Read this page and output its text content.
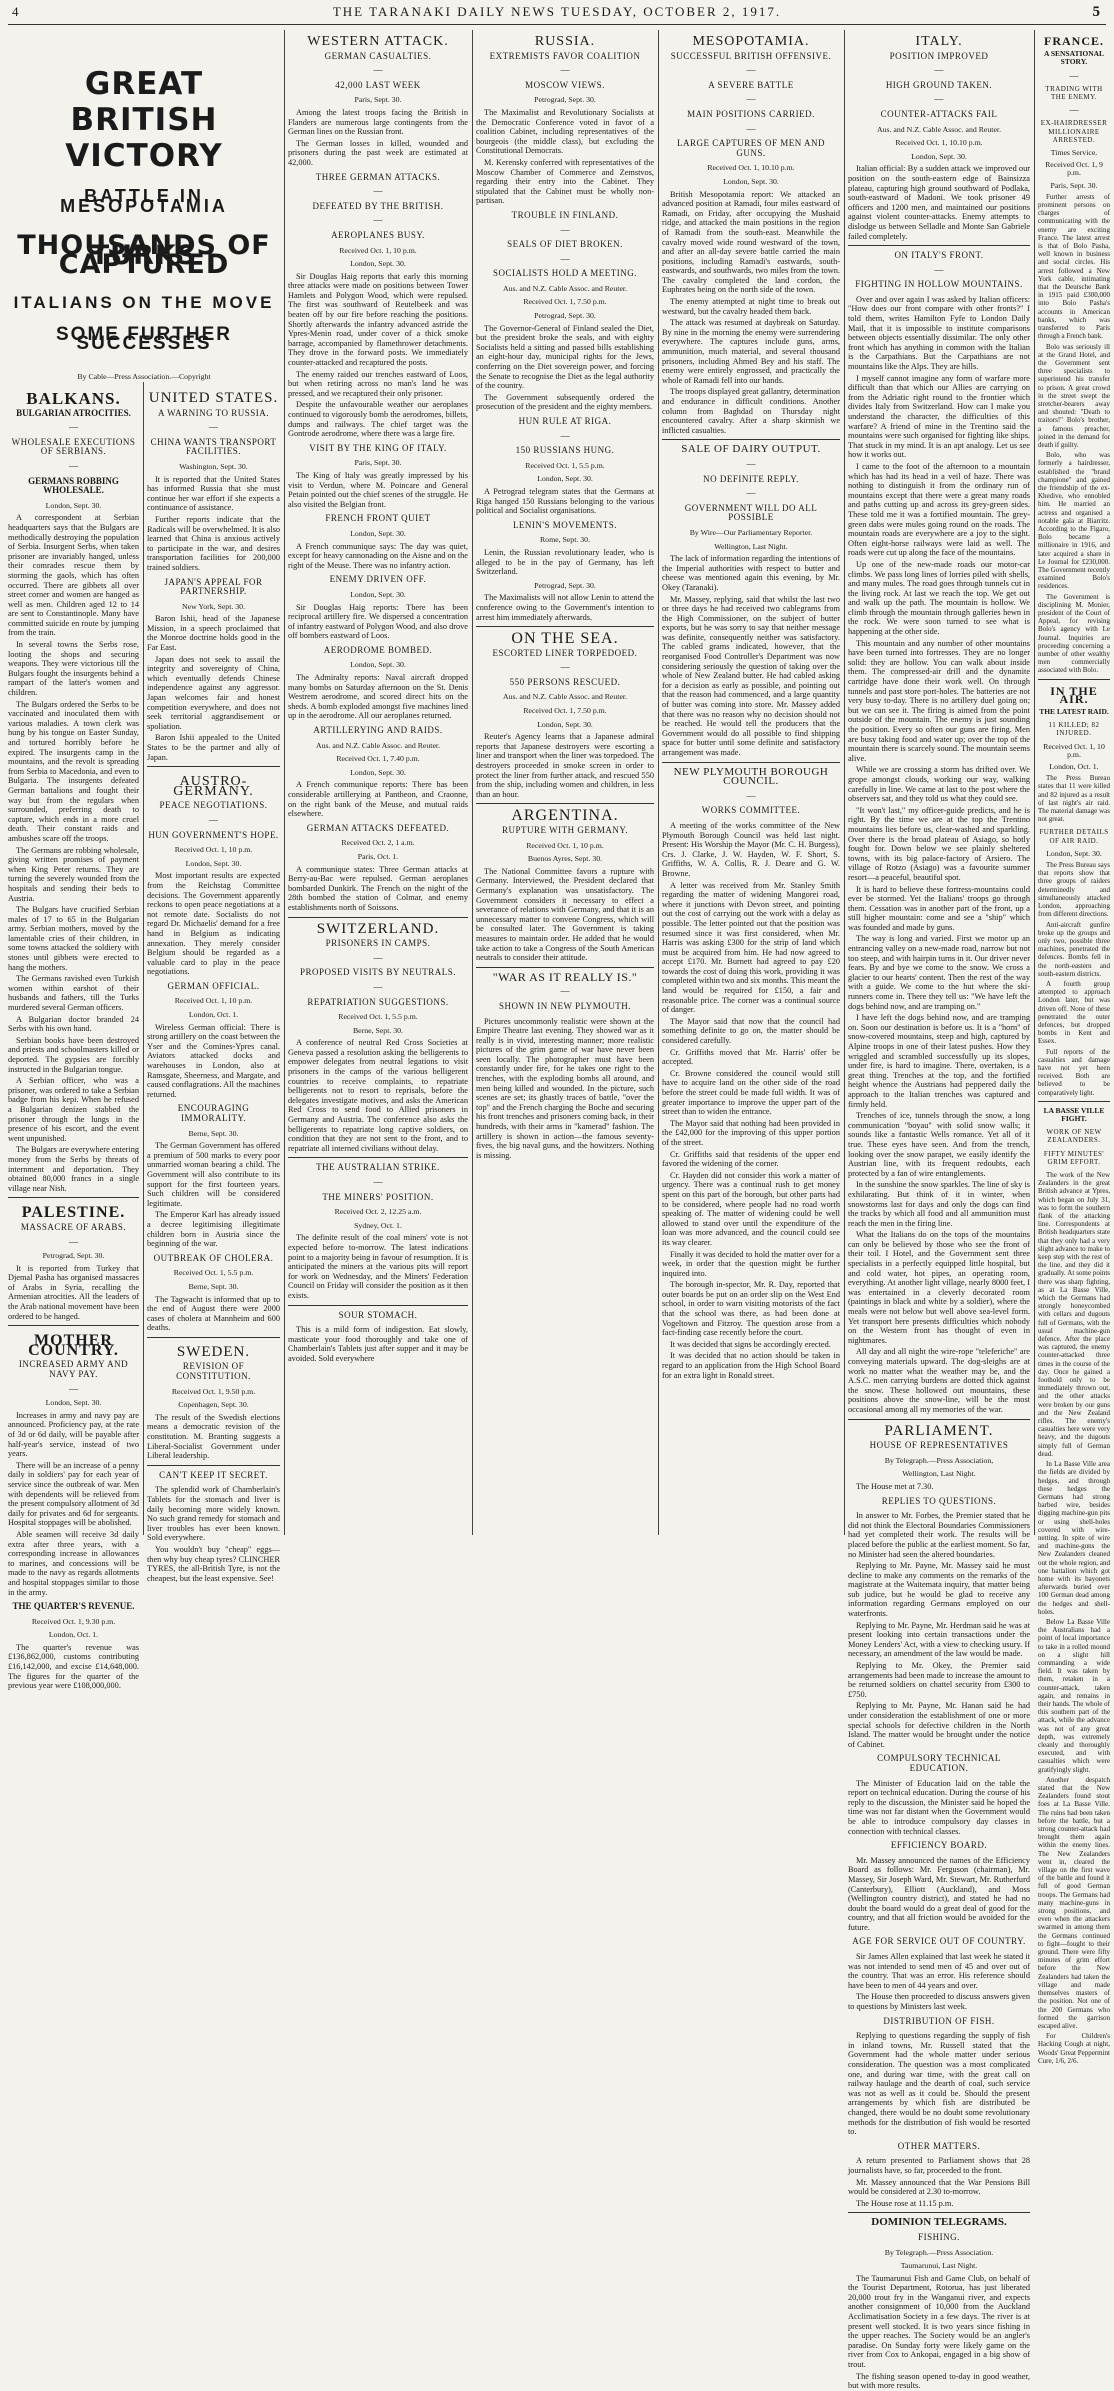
4	THE TARANAKI DAILY NEWS TUESDAY, OCTOBER 2, 1917.	5
GREAT BRITISH VICTORY
BATTLE IN MESOPOTAMIA
THOUSANDS OF TURKS CAPTURED
ITALIANS ON THE MOVE
SOME FURTHER SUCCESSES

By Cable—Press Association.—Copyright

BALKANS.
BULGARIAN ATROCITIES.
—
WHOLESALE EXECUTIONS OF SERBIANS.
—
GERMANS ROBBING WHOLESALE.

London, Sept. 30.

A correspondent at Serbian headquarters says that the Bulgars are methodically destroying the population of Serbia. Insurgent Serbs, when taken prisoner are invariably hanged, unless their comrades rescue them by storming the gaols, which has often occurred. There are gibbets all over street corner and women are hanged as well as men. Children aged 12 to 14 are sent to Constantinople. Many have committed suicide en route by jumping from the train.

In several towns the Serbs rose, looting the shops and securing weapons. They were victorious till the Bulgars fought the insurgents behind a rampart of the latter's women and children.

The Bulgars ordered the Serbs to be vaccinated and inoculated them with various maladies. A town clerk was hung by his tongue on Easter Sunday, and tortured horribly before he expired. The insurgents camp in the mountains, and the revolt is spreading from Serbia to Macedonia, and even to Bulgaria. The insurgents defeated German battalions and fought their way but from the regulars when surrounded, preferring death to capture, which ends in a more cruel death. Their constant raids and ambushes scare off the troops.

The Germans are robbing wholesale, giving written promises of payment when King Peter returns. They are turning the severely wounded from the hospitals and sending their beds to Austria.

The Bulgars have crucified Serbian males of 17 to 65 in the Bulgarian army. Serbian mothers, moved by the lamentable cries of their children, in some towns attacked the soldiery with stones until gibbets were erected to hang the mothers.

The Germans ravished even Turkish women within earshot of their husbands and fathers, till the Turks murdered several German officers.

A Bulgarian doctor branded 24 Serbs with his own hand.

Serbian books have been destroyed and priests and schoolmasters killed or deported. The gypsies are forcibly instructed in the Bulgarian tongue.

A Serbian officer, who was a prisoner, was ordered to take a Serbian badge from his kepi. When he refused a Bulgarian denizen stabbed the prisoner through the lungs in the presence of his escort, and the event went unpunished.

The Bulgars are everywhere entering money from the Serbs by threats of internment and deportation. They obtained 80,000 francs in a single village near Nish.

PALESTINE.
MASSACRE OF ARABS.
—

Petrograd, Sept. 30.

It is reported from Turkey that Djemal Pasha has organised massacres of Arabs in Syria, recalling the Armenian atrocities. All the leaders of the Arab national movement have been ordered to be hanged.

MOTHER COUNTRY.
INCREASED ARMY AND NAVY PAY.
—

London, Sept. 30.

Increases in army and navy pay are announced. Proficiency pay, at the rate of 3d or 6d daily, will be payable after half-year's service, instead of two years.

There will be an increase of a penny daily in soldiers' pay for each year of service since the outbreak of war. Men with dependents will be relieved from the present compulsory allotment of 3d daily for privates and 6d for sergeants. Hospital stoppages will be abolished.

Able seamen will receive 3d daily extra after three years, with a corresponding increase in allowances to marines, and concessions will be made to the navy as regards allotments and hospital stoppages similar to those in the army.

THE QUARTER'S REVENUE.

Received Oct. 1, 9.30 p.m.

London, Oct. 1.

The quarter's revenue was £136,862,000, customs contributing £16,142,000, and excise £14,648,000. The figures for the quarter of the previous year were £108,000,000.

UNITED STATES.
A WARNING TO RUSSIA.
—
CHINA WANTS TRANSPORT FACILITIES.

Washington, Sept. 30.

It is reported that the United States has informed Russia that she must continue her war effort if she expects a continuance of assistance.

Further reports indicate that the Radicals will be overwhelmed. It is also learned that China is anxious actively to participate in the war, and desires transportation facilities for 200,000 trained soldiers.

JAPAN'S APPEAL FOR PARTNERSHIP.

New York, Sept. 30.

Baron Ishii, head of the Japanese Mission, in a speech proclaimed that the Monroe doctrine holds good in the Far East.

Japan does not seek to assail the integrity and sovereignty of China, which eventually defends Chinese independence against any aggressor. Japan welcomes fair and honest competition everywhere, and does not seek territorial aggrandisement or spoliation.

Baron Ishii appealed to the United States to be the partner and ally of Japan.

AUSTRO-GERMANY.
PEACE NEGOTIATIONS.
—
HUN GOVERNMENT'S HOPE.

Received Oct. 1, 10 p.m.

London, Sept. 30.

Most important results are expected from the Reichstag Committee decisions. The Government apparently reckons to open peace negotiations at a not remote date. Socialists do not regard Dr. Michaelis' demand for a free hand in Belgium as indicating annexation. They merely consider Belgium should be regarded as a valuable card to play in the peace negotiations.

GERMAN OFFICIAL.

Received Oct. 1, 10 p.m.

London, Oct. 1.

Wireless German official: There is strong artillery on the coast between the Yser and the Comines-Ypres canal. Aviators attacked docks and warehouses in London, also at Ramsgate, Sheerness, and Margate, and caused conflagrations. All the machines returned.

ENCOURAGING IMMORALITY.

Berne, Sept. 30.

The German Government has offered a premium of 500 marks to every poor unmarried woman bearing a child. The Government will also contribute to its support for the first fourteen years. Such children will be considered legitimate.

The Emperor Karl has already issued a decree legitimising illegitimate children born in Austria since the beginning of the war.

OUTBREAK OF CHOLERA.

Received Oct. 1, 5.5 p.m.

Berne, Sept. 30.

The Tagwacht is informed that up to the end of August there were 2000 cases of cholera at Mannheim and 600 deaths.

SWEDEN.
REVISION OF CONSTITUTION.

Received Oct. 1, 9.50 p.m.

Copenhagen, Sept. 30.

The result of the Swedish elections means a democratic revision of the constitution. M. Branting suggests a Liberal-Socialist Government under Liberal leadership.

CAN'T KEEP IT SECRET.

The splendid work of Chamberlain's Tablets for the stomach and liver is daily becoming more widely known. No such grand remedy for stomach and liver troubles has ever been known. Sold everywhere.

You wouldn't buy "cheap" eggs—then why buy cheap tyres? CLINCHER TYRES, the all-British Tyre, is not the cheapest, but the least expensive. See!

WESTERN ATTACK.
GERMAN CASUALTIES.
—
42,000 LAST WEEK

Paris, Sept. 30.

Among the latest troops facing the British in Flanders are numerous large contingents from the German lines on the Russian front.

The German losses in killed, wounded and prisoners during the past week are estimated at 42,000.

THREE GERMAN ATTACKS.
—
DEFEATED BY THE BRITISH.
—
AEROPLANES BUSY.

Received Oct. 1, 10 p.m.

London, Sept. 30.

Sir Douglas Haig reports that early this morning three attacks were made on positions between Tower Hamlets and Polygon Wood, which were repulsed. The first was southward of Reutelbeek and was beaten off by our fire before reaching the positions. Shortly afterwards the infantry advanced astride the Ypres-Menin road, under cover of a thick smoke barrage, accompanied by flamethrower detachments. They drove in the forward posts. We immediately counter-attacked and recaptured the posts.

The enemy raided our trenches eastward of Loos, but when retiring across no man's land he was pressed, and we recaptured their only prisoner.

Despite the unfavourable weather our aeroplanes continued to vigorously bomb the aerodromes, billets, dumps and railways. The chief target was the Gontrode aerodrome, where there was a large fire.

VISIT BY THE KING OF ITALY.

Paris, Sept. 30.

The King of Italy was greatly impressed by his visit to Verdun, where M. Poincare and General Petain pointed out the chief scenes of the struggle. He also visited the Belgian front.

FRENCH FRONT QUIET

London, Sept. 30.

A French communique says: The day was quiet, except for heavy cannonading on the Aisne and on the right of the Meuse. There was no infantry action.

ENEMY DRIVEN OFF.

London, Sept. 30.

Sir Douglas Haig reports: There has been reciprocal artillery fire. We dispersed a concentration of infantry eastward of Polygon Wood, and also drove off bombers eastward of Loos.

AERODROME BOMBED.

London, Sept. 30.

The Admiralty reports: Naval aircraft dropped many bombs on Saturday afternoon on the St. Denis Westrem aerodrome, and scored direct hits on the sheds. A bomb exploded amongst five machines lined up in the aerodrome. All our aeroplanes returned.

ARTILLERYING AND RAIDS.

Aus. and N.Z. Cable Assoc. and Reuter.

Received Oct. 1, 7.40 p.m.

London, Sept. 30.

A French communique reports: There has been considerable artillerying at Pantheon, and Craonne, on the right bank of the Meuse, and mutual raids elsewhere.

GERMAN ATTACKS DEFEATED.

Received Oct. 2, 1 a.m.

Paris, Oct. 1.

A communique states: Three German attacks at Berry-au-Bac were repulsed. German aeroplanes bombarded Dunkirk. The French on the night of the 28th bombed the station of Colmar, and enemy establishments north of Soissons.

SWITZERLAND.
PRISONERS IN CAMPS.
—
PROPOSED VISITS BY NEUTRALS.
—
REPATRIATION SUGGESTIONS.

Received Oct. 1, 5.5 p.m.

Berne, Sept. 30.

A conference of neutral Red Cross Societies at Geneva passed a resolution asking the belligerents to empower delegates from neutral legations to visit prisoners in the camps of the various belligerent countries to receive complaints, to repatriate belligerents not to resort to reprisals, before the delegates investigate motives, and asks the American Red Cross to send food to Allied prisoners in Germany and Austria. The conference also asks the belligerents to repatriate long captive soldiers, on condition that they are not sent to the front, and to repatriate all interned civilians without delay.

THE AUSTRALIAN STRIKE.
—
THE MINERS' POSITION.

Received Oct. 2, 12.25 a.m.

Sydney, Oct. 1.

The definite result of the coal miners' vote is not expected before to-morrow. The latest indications point to a majority being in favour of resumption. It is anticipated the miners at the various pits will report for work on Wednesday, and the Miners' Federation Council on Friday will consider the position as it then exists.

SOUR STOMACH.

This is a mild form of indigestion. Eat slowly, masticate your food thoroughly and take one of Chamberlain's Tablets just after supper and it may be avoided. Sold everywhere

RUSSIA.
EXTREMISTS FAVOR COALITION
—
MOSCOW VIEWS.

Petrograd, Sept. 30.

The Maximalist and Revolutionary Socialists at the Democratic Conference voted in favor of a coalition Cabinet, including representatives of the bourgeois (the middle class), but excluding the Constitutional Democrats.

M. Kerensky conferred with representatives of the Moscow Chamber of Commerce and Zemstvos, regarding their entry into the Cabinet. They stipulated that the Cabinet must be wholly non-partisan.

TROUBLE IN FINLAND.
—
SEALS OF DIET BROKEN.
—
SOCIALISTS HOLD A MEETING.

Aus. and N.Z. Cable Assoc. and Reuter.

Received Oct. 1, 7.50 p.m.

Petrograd, Sept. 30.

The Governor-General of Finland sealed the Diet, but the president broke the seals, and with eighty Socialists held a sitting and passed bills establishing an eight-hour day, municipal rights for the Jews, conferring on the Diet sovereign power, and forcing the Senate to recognise the Diet as the legal authority of the country.

The Government subsequently ordered the prosecution of the president and the eighty members.

HUN RULE AT RIGA.
—
150 RUSSIANS HUNG.

Received Oct. 1, 5.5 p.m.

London, Sept. 30.

A Petrograd telegram states that the Germans at Riga hanged 150 Russians belonging to the various political and Socialist organisations.

LENIN'S MOVEMENTS.

Rome, Sept. 30.

Lenin, the Russian revolutionary leader, who is alleged to be in the pay of Germany, has left Switzerland.

Petrograd, Sept. 30.

The Maximalists will not allow Lenin to attend the conference owing to the Government's intention to arrest him immediately afterwards.

ON THE SEA.
ESCORTED LINER TORPEDOED.
—
550 PERSONS RESCUED.

Aus. and N.Z. Cable Assoc. and Reuter.

Received Oct. 1, 7.50 p.m.

London, Sept. 30.

Reuter's Agency learns that a Japanese admiral reports that Japanese destroyers were escorting a liner and transport when the liner was torpedoed. The destroyers proceeded in smoke screen in order to protect the liner from further attack, and rescued 550 from the ship, including women and children, in less than an hour.

ARGENTINA.
RUPTURE WITH GERMANY.

Received Oct. 1, 10 p.m.

Buenos Ayres, Sept. 30.

The National Committee favors a rupture with Germany. Interviewed, the President declared that Germany's explanation was unsatisfactory. The Government considers it necessary to effect a severance of relations with Germany, and that it is an unnecessary matter to convene Congress, which will be consulted later. The Government is taking measures to maintain order. He added that he would take action to take a Congress of the South American neutrals to consider their attitude.

"WAR AS IT REALLY IS."
—
SHOWN IN NEW PLYMOUTH.

Pictures uncommonly realistic were shown at the Empire Theatre last evening. They showed war as it really is in vivid, interesting manner; more realistic pictures of the grim game of war have never been seen locally. The photographer must have been constantly under fire, for he takes one right to the trenches, with the exploding bombs all around, and men being killed and wounded. In the picture, such scenes are set; its ghastly traces of battle, "over the top" and the French charging the Boche and securing his front trenches and prisoners coming back, in their hundreds, with their arms in "kamerad" fashion. The artillery is shown in action—the famous seventy-fives, the big naval guns, and the howitzers. Nothing is missing.

MESOPOTAMIA.
SUCCESSFUL BRITISH OFFENSIVE.
—
A SEVERE BATTLE
—
MAIN POSITIONS CARRIED.
—
LARGE CAPTURES OF MEN AND GUNS.

Received Oct. 1, 10.10 p.m.

London, Sept. 30.

British Mesopotamia report: We attacked an advanced position at Ramadi, four miles eastward of Ramadi, on Friday, after occupying the Mushaid ridge, and attacked the main positions in the region of Ramadi from the south-east. Meanwhile the cavalry moved wide round westward of the town, and after an all-day severe battle carried the main positions, including Ramadi's eastwards, south-eastwards, and southwards, two miles from the town. The cavalry completed the land cordon, the Euphrates being on the north side of the town.

The enemy attempted at night time to break out westward, but the cavalry headed them back.

The attack was resumed at daybreak on Saturday. By nine in the morning the enemy were surrendering everywhere. The captures include guns, arms, ammunition, much material, and several thousand prisoners, including Ahmed Bey and his staff. The enemy were entirely engrossed, and practically the whole of Ramadi fell into our hands.

The troops displayed great gallantry, determination and endurance in difficult conditions. Another column from Baghdad on Thursday night encountered cavalry. After a sharp skirmish we inflicted casualties.

SALE OF DAIRY OUTPUT.
—
NO DEFINITE REPLY.
—
GOVERNMENT WILL DO ALL POSSIBLE

By Wire—Our Parliamentary Reporter.

Wellington, Last Night.

The lack of information regarding the intentions of the Imperial authorities with respect to butter and cheese was mentioned again this evening, by Mr. Okey (Taranaki).

Mr. Massey, replying, said that whilst the last two or three days he had received two cablegrams from the High Commissioner, on the subject of butter exports, but he was sorry to say that neither message was definite, consequently neither was satisfactory. The cabled grams indicated, however, that the reorganised Food Controller's Department was now considering seriously the question of taking over the whole of New Zealand butter. He had cabled asking for a decision as early as possible, and pointing out that the reason had commenced, and a large quantity of butter was coming into store. Mr. Massey added that there was no reason why no decision should not be reached. He would tell the producers that the Government would do all possible to find shipping space for butter until some definite and satisfactory arrangement was made.

NEW PLYMOUTH BOROUGH COUNCIL.
—
WORKS COMMITTEE.

A meeting of the works committee of the New Plymouth Borough Council was held last night. Present: His Worship the Mayor (Mr. C. H. Burgess), Crs. J. Clarke, J. W. Hayden, W. F. Short, S. Griffiths, W. A. Collis, R. J. Deare and G. W. Browne.

A letter was received from Mr. Stanley Smith regarding the matter of widening Mangorei road, where it junctions with Devon street, and pointing out the cost of carrying out the work with a delay as possible. The letter pointed out that the position was resumed since it was first considered, when Mr. Harris was asking £300 for the strip of land which must be acquired from him. He had now agreed to accept £170. Mr. Burnett had agreed to pay £20 towards the cost of doing this work, providing it was completed within two and six months. This meant the land would be required for £150, a fair and reasonable price. The corner was a continual source of danger.

The Mayor said that now that the council had something definite to go on, the matter should be considered carefully.

Cr. Griffiths moved that Mr. Harris' offer be accepted.

Cr. Browne considered the council would still have to acquire land on the other side of the road before the street could be made full width. It was of greater importance to improve the upper part of the street than to widen the entrance.

The Mayor said that nothing had been provided in the £42,000 for the improving of this upper portion of the street.

Cr. Griffiths said that residents of the upper end favored the widening of the corner.

Cr. Hayden did not consider this work a matter of urgency. There was a continual rush to get money spent on this part of the borough, but other parts had to be considered, where people had no road worth speaking of. The matter of widening could be well allowed to stand over until the expenditure of the loan was more advanced, and the council could see its way clearer.

Finally it was decided to hold the matter over for a week, in order that the question might be further inquired into.

The borough in-spector, Mr. R. Day, reported that outer boards be put on an order slip on the West End school, in order to warn visiting motorists of the fact that the school was there, as had been done at Vogeltown and Fitzroy. The question arose from a fact-finding case recently before the court.

It was decided that signs be accordingly erected.

It was decided that no action should be taken in regard to an application from the High School Board for an extra light in Ronald street.

ITALY.
POSITION IMPROVED
—
HIGH GROUND TAKEN.
—
COUNTER-ATTACKS FAIL

Aus. and N.Z. Cable Assoc. and Reuter.

Received Oct. 1, 10.10 p.m.

London, Sept. 30.

Italian official: By a sudden attack we improved our position on the south-eastern edge of Bainsizza plateau, capturing high ground southward of Podlaka, south-eastward of Madoni. We took prisoner 49 officers and 1200 men, and maintained our positions against violent counter-attacks. Enemy attempts to dislodge us between Selladle and Monte San Gabriele failed completely.

ON ITALY'S FRONT.
—
FIGHTING IN HOLLOW MOUNTAINS.

Over and over again I was asked by Italian officers: "How does our front compare with other fronts?" I told them, writes Hamilton Fyfe to London Daily Mail, that it is impossible to institute comparisons between objects essentially dissimilar. The only other front which has anything in common with the Italian is the Carpathians. But the Carpathians are not mountains like the Alps. They are hills.

I myself cannot imagine any form of warfare more difficult than that which our Allies are carrying on from the Adriatic right round to the frontier which divides Italy from Switzerland. How can I make you understand the character, the difficulties of this warfare? A friend of mine in the Trentino said the mountains were such organised for fighting like ships. That stuck in my mind. It is an apt analogy. Let us see how it works out.

I came to the foot of the afternoon to a mountain which has had its head in a veil of haze. There was nothing to distinguish it from the ordinary run of mountains except that there were a great many roads and paths cutting up and across its grey-green sides. These told me it was a fortified mountain. The grey-green dabs were mules going round on the roads. The mountain roads are everywhere are a joy to the sight. Often eight-horse railways were laid as well. The roads were cut up along the face of the mountains.

Up one of the new-made roads our motor-car climbs. We pass long lines of lorries piled with shells, and many mules. The road goes through tunnels cut in the living rock. At last we reach the top. We get out and walk up the path. The mountain is hollow. We climb through the mountain through galleries hewn in the rock. We were soon turned to see what is happening at the other side.

This mountain and any number of other mountains have been turned into fortresses. They are no longer solid: they are hollow. You can walk about inside them. The compressed-air drill and the dynamite cartridge have done their work well. On through tunnels and past store port-holes. The batteries are not very busy to-day. There is no artillery duel going on; but we can see it. The firing is aimed from the point outside of the mountain. The enemy is just sounding the position. Every so often our guns are firing. Men are busy taking food and water up; over the top of the mountain there is scarcely sound. The mountain seems alive.

While we are crossing a storm has drifted over. We grope amongst clouds, working our way, walking carefully in line. We came at last to the post where the observers sat, and they told us what they could see.

"It won't last," my officer-guide predicts, and he is right. By the time we are at the top the Trentino mountains lies before us, clear-washed and sparkling. Over there is the broad plateau of Asiago, so hotly fought for. Down below we see plainly sheltered towns, with its big palace-factory of Arsiero. The village of Rotzo (Asiago) was a favourite summer resort—a peaceful, beautiful spot.

It is hard to believe these fortress-mountains could ever be stormed. Yet the Italians' troops go through them. Cessation was in another part of the front, up a still higher mountain: come and see a "ship" which was founded and made by guns.

The way is long and varied. First we motor up an entrancing valley on a new-made road, narrow but not too steep, and with hairpin turns in it. Our driver never fears. By and bye we come to the snow. We cross a glacier to our hearts' content. Then the rest of the way with a guide. We come to the hut where the ski-runners come in. There they tell us: "We have left the dogs behind now, and are tramping on."

I have left the dogs behind now, and are tramping on. Soon our destination is before us. It is a "horn" of snow-covered mountains, steep and high, captured by Alpine troops in one of their latest pushes. How they wriggled and scrambled successfully up its slopes, under fire, is hard to imagine. There, overtaken, is a great thing. Trenches at the top, and the fortified height whence the Austrians had peppered daily the approach to the Italian trenches was captured and firmly held.

Trenches of ice, tunnels through the snow, a long communication "boyau" with solid snow walls; it sounds like a fantastic Wells romance. Yet all of it true. These eyes have seen. And from the trench, looking over the snow parapet, we easily identify the Austrian line, with its frequent redoubts, each protected by a fan of wire entanglements.

In the sunshine the snow sparkles. The line of sky is exhilarating. But think of it in winter, when snowstorms last for days and only the dogs can find the tracks by which all food and all ammunition must reach the men in the firing line.

What the Italians do on the tops of the mountains can only be believed by those who see the front of their toil. I Hotel, and the Government sent three specialists in a perfectly equipped little hospital, but and cold water, hot pipes, an operating room, everything. At another light village, nearly 8000 feet, I was entertained in a cleverly decorated room (paintings in black and white by a soldier), where the meals were not below but well above sea-level form. Yet transport here presents difficulties which nobody on the Western front has thought of even in nightmares.

All day and all night the wire-rope "teleferiche" are conveying materials upward. The dog-sleighs are at work no matter what the weather may be, and the A.S.C. men carrying burdens are dotted thick against the snow. These hollowed out mountains, these positions above the snow-line, will be the most occasional among all my memories of the war.

PARLIAMENT.
HOUSE OF REPRESENTATIVES

By Telegraph.—Press Association,

Wellington, Last Night.

The House met at 7.30.

REPLIES TO QUESTIONS.

In answer to Mr. Forbes, the Premier stated that he did not think the Electoral Boundaries Commissioners had yet completed their work. The results will be placed before the public at the earliest moment. So far, no Minister had seen the altered boundaries.

Replying to Mr. Payne, Mr. Massey said he must decline to make any comments on the remarks of the magistrate at the Waitemata inquiry, that matter being sub judice, but he would be glad to receive any information regarding Germans employed on our waterfronts.

Replying to Mr. Payne, Mr. Herdman said he was at present looking into certain transactions under the Money Lenders' Act, with a view to checking usury. If necessary, an amendment of the law would be made.

Replying to Mr. Okey, the Premier said arrangements had been made to increase the amount to be returned soldiers on chattel security from £300 to £750.

Replying to Mr. Payne, Mr. Hanan said he had under consideration the establishment of one or more special schools for defective children in the North Island. The matter would be brought under the notice of Cabinet.

COMPULSORY TECHNICAL EDUCATION.

The Minister of Education laid on the table the report on technical education. During the course of his reply to the discussion, the Minister said he hoped the time was not far distant when the Government would be able to introduce compulsory day classes in connection with technical classes.

EFFICIENCY BOARD.

Mr. Massey announced the names of the Efficiency Board as follows: Mr. Ferguson (chairman), Mr. Massey, Sir Joseph Ward, Mr. Stewart, Mr. Rutherfurd (Canterbury), Elliott (Auckland), and Moss (Wellington country district), and stated he had no doubt the board would do a great deal of good for the country, and that all friction would be avoided for the future.

AGE FOR SERVICE OUT OF COUNTRY.

Sir James Allen explained that last week he stated it was not intended to send men of 45 and over out of the country. That was an error. His reference should have been to men of 44 years and over.

The House then proceeded to discuss answers given to questions by Ministers last week.

DISTRIBUTION OF FISH.

Replying to questions regarding the supply of fish in inland towns, Mr. Russell stated that the Government had the whole matter under serious consideration. The question was a most complicated one, and during war time, with the great call on railway haulage and the dearth of coal, such service was not as well as it could be. Should the present arrangements by which fish are distributed be changed, there would be no doubt some revolutionary methods for the distribution of fish would be resorted to.

OTHER MATTERS.

A return presented to Parliament shows that 28 journalists have, so far, proceeded to the front.

Mr. Massey announced that the War Pensions Bill would be considered at 2.30 to-morrow.

The House rose at 11.15 p.m.

DOMINION TELEGRAMS.
FISHING.

By Telegraph.—Press Association.

Taumarunui, Last Night.

The Taumarunui Fish and Game Club, on behalf of the Tourist Department, Rotorua, has just liberated 20,000 trout fry in the Wanganui river, and expects another consignment of 10,000 from the Auckland Acclimatisation Society in a few days. The river is at present well stocked. It is two years since fishing in the upper reaches. The Society would be an angler's paradise. On Sunday forty were likely game on the river from Cox to Ankopai, engaged in a big show of trout.

The fishing season opened to-day in good weather, but with more results.

FRANCE.
A SENSATIONAL STORY.
—
TRADING WITH THE ENEMY.
—
EX-HAIRDRESSER MILLIONAIRE ARRESTED.

Times Service.

Received Oct. 1, 9 p.m.

Paris, Sept. 30.

Further arrests of prominent persons on charges of communicating with the enemy are exciting France. The latest arrest is that of Bolo Pasha, well known in business and social circles. His arrest followed a New York cable, intimating that the Deutsche Bank in 1915 paid £300,000 into Bolo Pasha's accounts in American banks, which was transferred to Paris through a French bank.

Bolo was seriously ill at the Grand Hotel, and the Government sent three specialists to superintend his transfer to prison. A great crowd in the street swept the stretcher-bearers away and shouted: "Death to traitors!" Bolo's brother, a famous preacher, joined in the demand for death if guilty.

Bolo, who was formerly a hairdresser, established the "brand champione" and gained the friendship of the ex-Khedive, who ennobled him. He married an actress and organised a notable gala at Biarritz. According to the Figaro, Bolo became a millionaire in 1916, and later acquired a share in Le Journal for £230,000. The Government recently examined Bolo's residences.

The Government is disciplining M. Monier, president of the Court of Appeal, for revising Bolo's agency with Le Journal. Inquiries are proceeding concerning a number of other wealthy men commercially associated with Bolo.

IN THE AIR.
THE LATEST RAID.
11 KILLED; 82 INJURED.

Received Oct. 1, 10 p.m.

London, Oct. 1.

The Press Bureau states that 11 were killed and 82 injured as a result of last night's air raid. The material damage was not great.

FURTHER DETAILS OF AIR RAID.

London, Sept. 30.

The Press Bureau says that reports show that three groups of raiders determinedly and simultaneously attacked London, approaching from different directions.

Anti-aircraft gunfire broke up the groups and only two, possible three machines, penetrated the defences. Bombs fell in the north-eastern and south-eastern districts.

A fourth group attempted to approach London later, but was driven off. None of these penetrated the outer defences, but dropped bombs in Kent and Essex.

Full reports of the casualties and damage have not yet been received. Both are believed to be comparatively light.

LA BASSE VILLE FIGHT.
WORK OF NEW ZEALANDERS.
FIFTY MINUTES' GRIM EFFORT.

The work of the New Zealanders in the great British advance at Ypres, which began on July 31, was to form the southern flank of the attacking line. Correspondents at British headquarters state that they only had a very slight advance to make to keep step with the rest of the line, and they did it gradually. At some points there was sharp fighting, as at La Basse Ville, which the Germans had strongly honeycombed with cellars and dugouts full of Germans, with the usual machine-gun defence. After the place was captured, the enemy counter-attacked three times in the course of the day. Once he gained a foothold only to be immediately thrown out, and the other attacks were broken by our guns and the New Zealand rifles. The enemy's casualties here were very heavy, and the dugouts simply full of German dead.

In La Basse Ville area the fields are divided by hedges, and through these hedges the Germans had strong barbed wire, besides digging machine-gun pits or using shell-holes covered with wire-netting. In spite of wire and machine-guns the New Zealanders cleaned out the whole region, and one battalion which got home with its bayonets afterwards buried over 100 German dead among the hedges and shell-holes.

Below La Basse Ville the Australians had a point of local importance to take in a rolled mound on a slight hill commanding a wide field. It was taken by them, retaken in a counter-attack, taken again, and remains in their hands. The whole of this southern part of the attack, while the advance was not of any great depth, was extremely cleanly and thoroughly executed, and with casualties which were gratifyingly slight.

Another despatch stated that the New Zealanders found stout foes at La Basse Ville. The ruins had been taken before the battle, but a strong counter-attack had brought them again within the enemy lines. The New Zealanders went in, cleared the village on the first wave of the battle and found it full of good German troops. The Germans had many machine-guns in strong positions, and even when the attackers swarmed in among them the Germans continued to fight—fought to their ground. There were fifty minutes of grim effort before the New Zealanders had taken the village and made themselves masters of the position. Not one of the 200 Germans who formed the garrison escaped alive.

For Children's Hacking Cough at night, Woods' Great Peppermint Cure, 1/6, 2/6.
